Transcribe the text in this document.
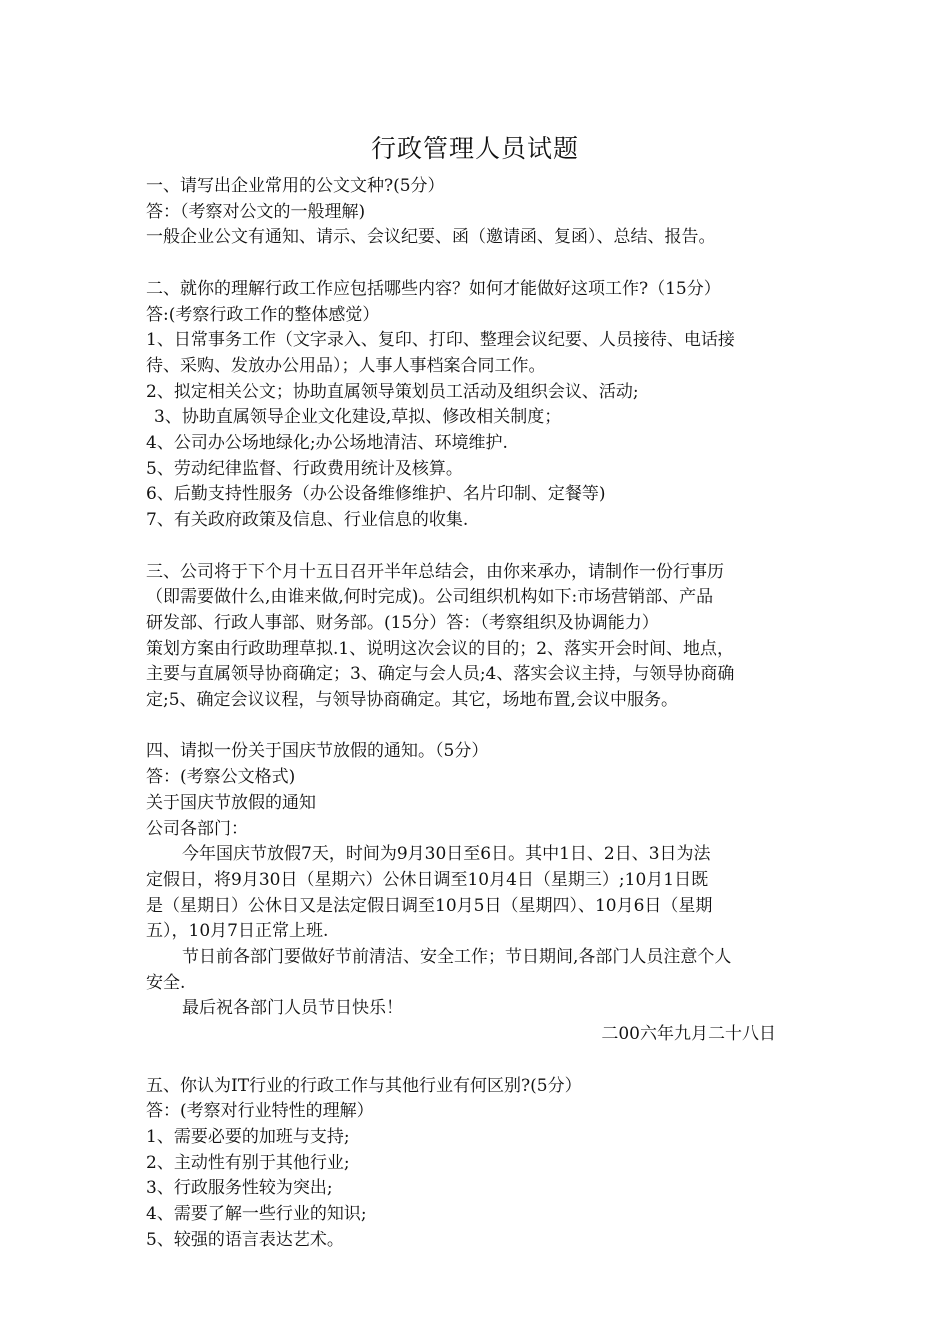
行政管理人员试题

一、请写出企业常用的公文文种?(5分）

答：（考察对公文的一般理解)

一般企业公文有通知、请示、会议纪要、函（邀请函、复函）、总结、报告。

二、就你的理解行政工作应包括哪些内容？如何才能做好这项工作?（15分）

答:(考察行政工作的整体感觉）

1、日常事务工作（文字录入、复印、打印、整理会议纪要、人员接待、电话接

待、采购、发放办公用品）；人事人事档案合同工作。

2、拟定相关公文；协助直属领导策划员工活动及组织会议、活动;

3、协助直属领导企业文化建设,草拟、修改相关制度；

4、公司办公场地绿化;办公场地清洁、环境维护.

5、劳动纪律监督、行政费用统计及核算。

6、后勤支持性服务（办公设备维修维护、名片印制、定餐等)

7、有关政府政策及信息、行业信息的收集.

三、公司将于下个月十五日召开半年总结会，由你来承办，请制作一份行事历

（即需要做什么,由谁来做,何时完成)。公司组织机构如下:市场营销部、产品

研发部、行政人事部、财务部。(15分）答：（考察组织及协调能力）

策划方案由行政助理草拟.1、说明这次会议的目的；2、落实开会时间、地点，

主要与直属领导协商确定；3、确定与会人员;4、落实会议主持，与领导协商确

定;5、确定会议议程，与领导协商确定。其它，场地布置,会议中服务。

四、请拟一份关于国庆节放假的通知。（5分）

答：(考察公文格式)

关于国庆节放假的通知

公司各部门：

今年国庆节放假7天，时间为9月30日至6日。其中1日、2日、3日为法

定假日，将9月30日（星期六）公休日调至10月4日（星期三）;10月1日既

是（星期日）公休日又是法定假日调至10月5日（星期四）、10月6日（星期

五），10月7日正常上班.

节日前各部门要做好节前清洁、安全工作；节日期间,各部门人员注意个人

安全.

最后祝各部门人员节日快乐！

二00六年九月二十八日

五、你认为IT行业的行政工作与其他行业有何区别?(5分）

答：(考察对行业特性的理解）

1、需要必要的加班与支持;

2、主动性有别于其他行业;

3、行政服务性较为突出;

4、需要了解一些行业的知识;

5、较强的语言表达艺术。
